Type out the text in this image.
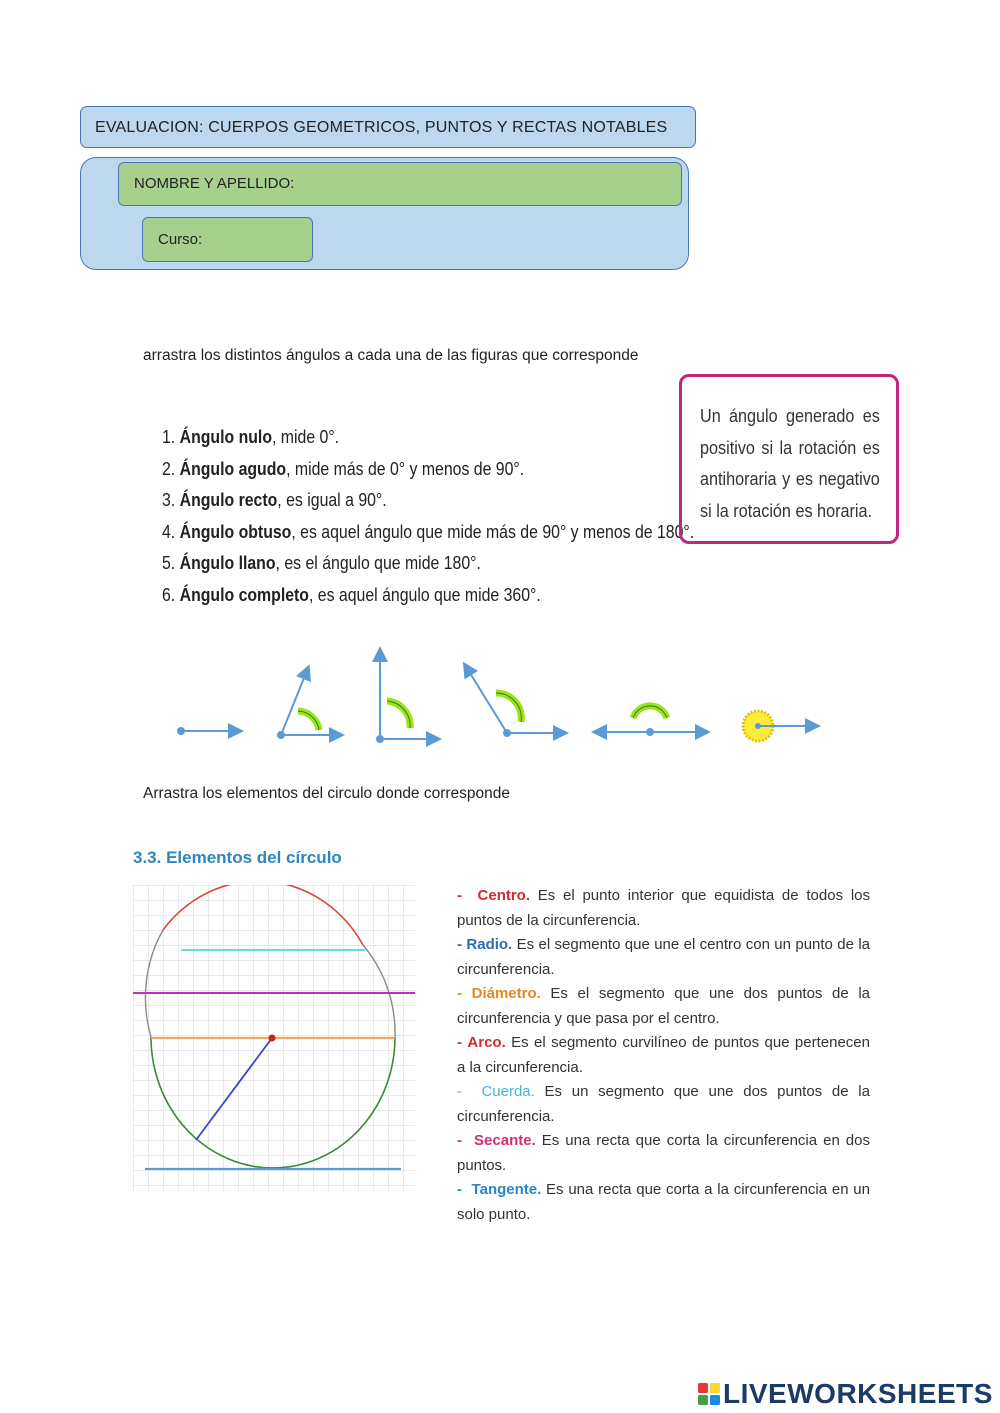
EVALUACION: CUERPOS GEOMETRICOS, PUNTOS Y RECTAS NOTABLES
NOMBRE Y APELLIDO:
Curso:
arrastra los distintos ángulos a cada una de las figuras que corresponde
1. Ángulo nulo, mide 0°.
2. Ángulo agudo, mide más de 0° y menos de 90°.
3. Ángulo recto, es igual a 90°.
4. Ángulo obtuso, es aquel ángulo que mide más de 90° y menos de 180°.
5. Ángulo llano, es el ángulo que mide 180°.
6. Ángulo completo, es aquel ángulo que mide 360°.
Un ángulo generado es positivo si la rotación es antihoraria y es negativo si la rotación es horaria.
Arrastra los elementos del circulo donde corresponde
3.3. Elementos del círculo

- Centro. Es el punto interior que equidista de todos los puntos de la circunferencia.

- Radio. Es el segmento que une el centro con un punto de la circunferencia.

- Diámetro. Es el segmento que une dos puntos de la circunferencia y que pasa por el centro.

- Arco. Es el segmento curvilíneo de puntos que pertenecen a la circunferencia.

- Cuerda. Es un segmento que une dos puntos de la circunferencia.

- Secante. Es una recta que corta la circunferencia en dos puntos.

- Tangente. Es una recta que corta a la circunferencia en un solo punto.

LIVEWORKSHEETS
